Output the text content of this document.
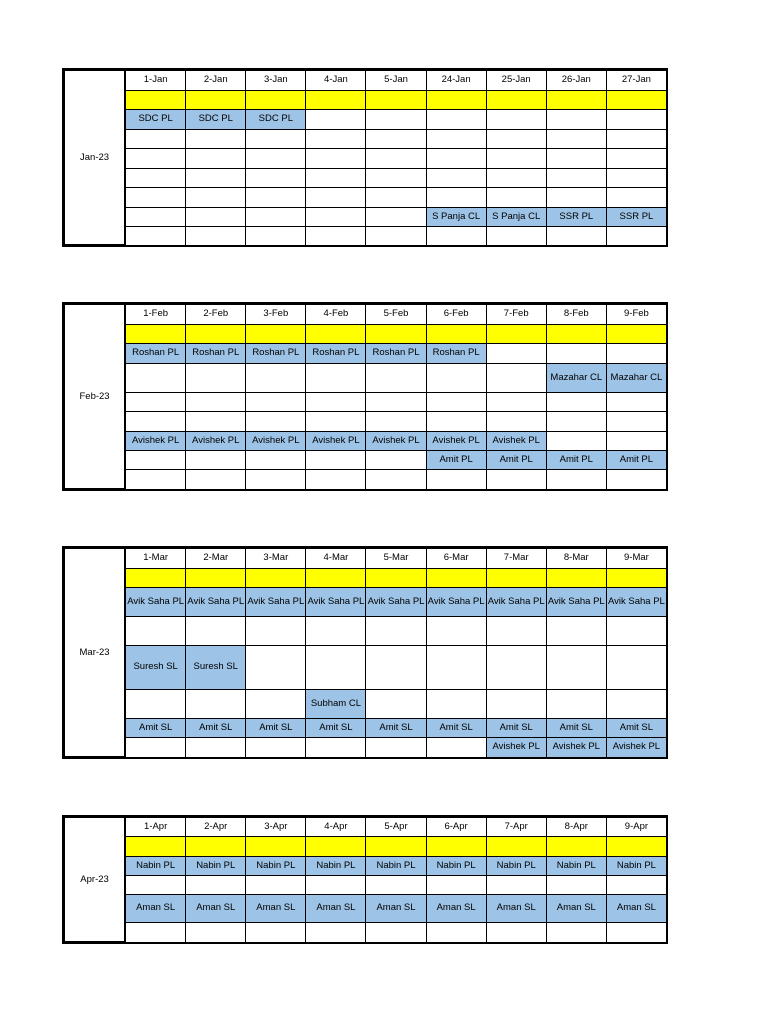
Jan-23	1-Jan	2-Jan	3-Jan	4-Jan	5-Jan	24-Jan	25-Jan	26-Jan	27-Jan

	SDC PL	SDC PL	SDC PL						

						S Panja CL	S Panja CL	SSR PL	SSR PL

Feb-23	1-Feb	2-Feb	3-Feb	4-Feb	5-Feb	6-Feb	7-Feb	8-Feb	9-Feb

	Roshan PL	Roshan PL	Roshan PL	Roshan PL	Roshan PL	Roshan PL			
								Mazahar CL	Mazahar CL

	Avishek PL	Avishek PL	Avishek PL	Avishek PL	Avishek PL	Avishek PL	Avishek PL		
						Amit PL	Amit PL	Amit PL	Amit PL

Mar-23	1-Mar	2-Mar	3-Mar	4-Mar	5-Mar	6-Mar	7-Mar	8-Mar	9-Mar

	Avik Saha PL	Avik Saha PL	Avik Saha PL	Avik Saha PL	Avik Saha PL	Avik Saha PL	Avik Saha PL	Avik Saha PL	Avik Saha PL

	Suresh SL	Suresh SL							
				Subham CL					
	Amit SL	Amit SL	Amit SL	Amit SL	Amit SL	Amit SL	Amit SL	Amit SL	Amit SL
							Avishek PL	Avishek PL	Avishek PL
Apr-23	1-Apr	2-Apr	3-Apr	4-Apr	5-Apr	6-Apr	7-Apr	8-Apr	9-Apr

	Nabin PL	Nabin PL	Nabin PL	Nabin PL	Nabin PL	Nabin PL	Nabin PL	Nabin PL	Nabin PL

	Aman SL	Aman SL	Aman SL	Aman SL	Aman SL	Aman SL	Aman SL	Aman SL	Aman SL
